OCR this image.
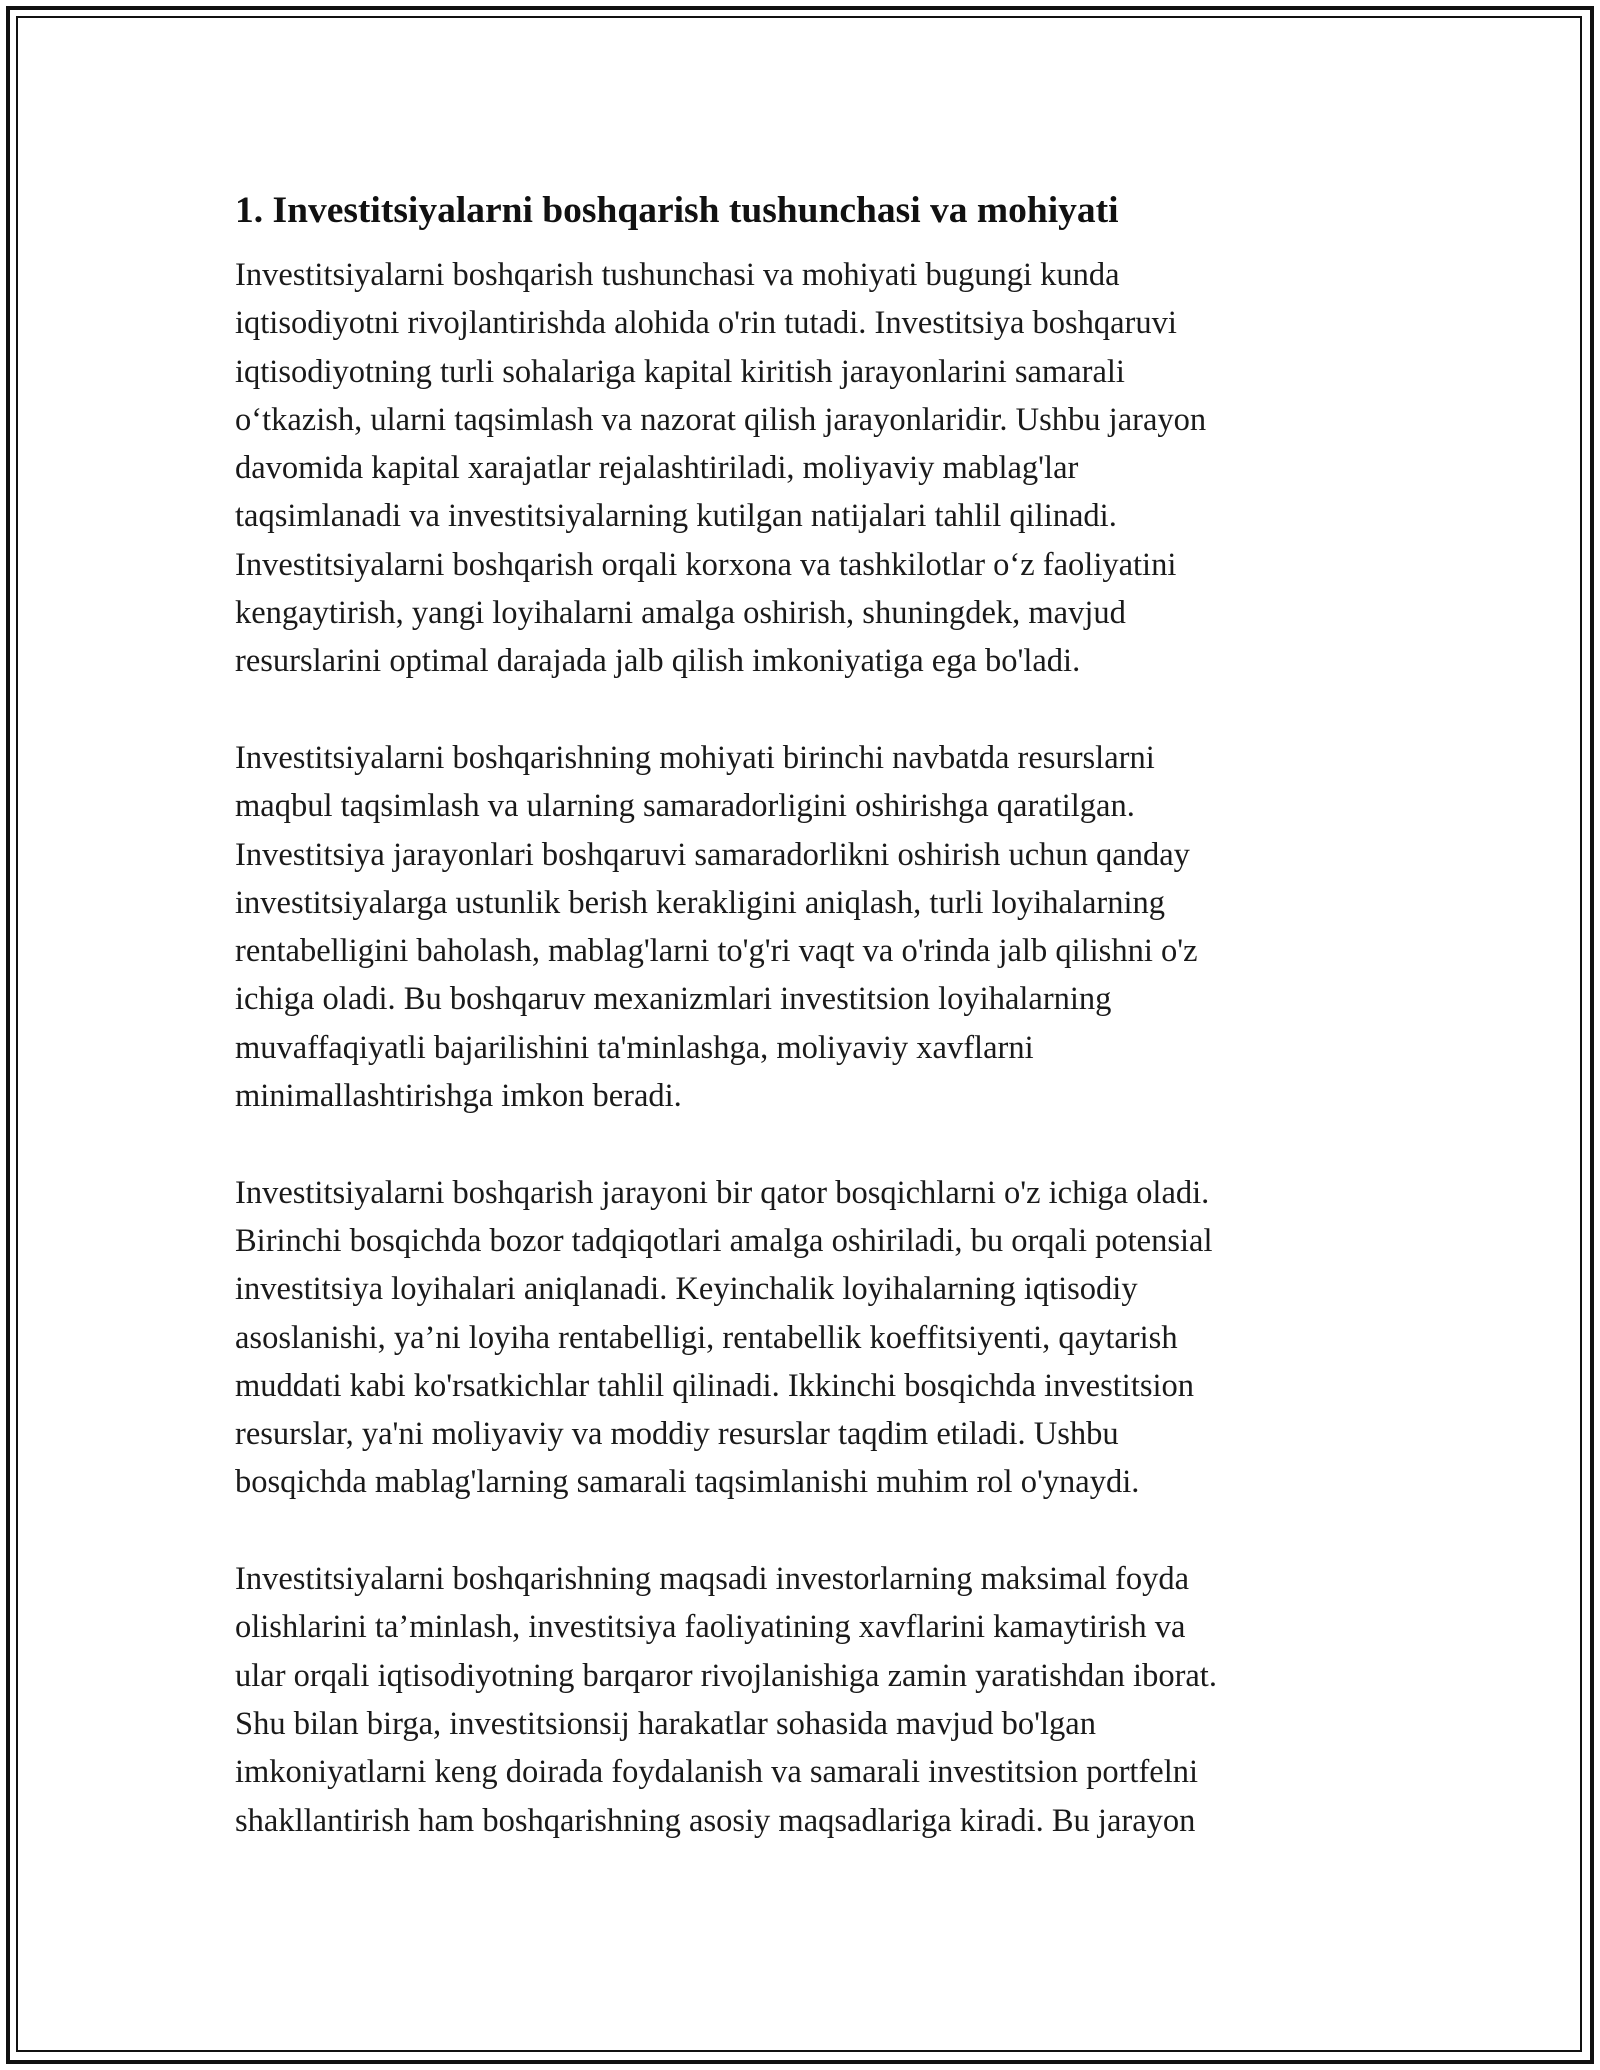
1. Investitsiyalarni boshqarish tushunchasi va mohiyati
Investitsiyalarni boshqarish tushunchasi va mohiyati bugungi kunda
iqtisodiyotni rivojlantirishda alohida o'rin tutadi. Investitsiya boshqaruvi
iqtisodiyotning turli sohalariga kapital kiritish jarayonlarini samarali
o‘tkazish, ularni taqsimlash va nazorat qilish jarayonlaridir. Ushbu jarayon
davomida kapital xarajatlar rejalashtiriladi, moliyaviy mablag'lar
taqsimlanadi va investitsiyalarning kutilgan natijalari tahlil qilinadi.
Investitsiyalarni boshqarish orqali korxona va tashkilotlar o‘z faoliyatini
kengaytirish, yangi loyihalarni amalga oshirish, shuningdek, mavjud
resurslarini optimal darajada jalb qilish imkoniyatiga ega bo'ladi.
Investitsiyalarni boshqarishning mohiyati birinchi navbatda resurslarni
maqbul taqsimlash va ularning samaradorligini oshirishga qaratilgan.
Investitsiya jarayonlari boshqaruvi samaradorlikni oshirish uchun qanday
investitsiyalarga ustunlik berish kerakligini aniqlash, turli loyihalarning
rentabelligini baholash, mablag'larni to'g'ri vaqt va o'rinda jalb qilishni o'z
ichiga oladi. Bu boshqaruv mexanizmlari investitsion loyihalarning
muvaffaqiyatli bajarilishini ta'minlashga, moliyaviy xavflarni
minimallashtirishga imkon beradi.
Investitsiyalarni boshqarish jarayoni bir qator bosqichlarni o'z ichiga oladi.
Birinchi bosqichda bozor tadqiqotlari amalga oshiriladi, bu orqali potensial
investitsiya loyihalari aniqlanadi. Keyinchalik loyihalarning iqtisodiy
asoslanishi, ya’ni loyiha rentabelligi, rentabellik koeffitsiyenti, qaytarish
muddati kabi ko'rsatkichlar tahlil qilinadi. Ikkinchi bosqichda investitsion
resurslar, ya'ni moliyaviy va moddiy resurslar taqdim etiladi. Ushbu
bosqichda mablag'larning samarali taqsimlanishi muhim rol o'ynaydi.
Investitsiyalarni boshqarishning maqsadi investorlarning maksimal foyda
olishlarini ta’minlash, investitsiya faoliyatining xavflarini kamaytirish va
ular orqali iqtisodiyotning barqaror rivojlanishiga zamin yaratishdan iborat.
Shu bilan birga, investitsionsij harakatlar sohasida mavjud bo'lgan
imkoniyatlarni keng doirada foydalanish va samarali investitsion portfelni
shakllantirish ham boshqarishning asosiy maqsadlariga kiradi. Bu jarayon
